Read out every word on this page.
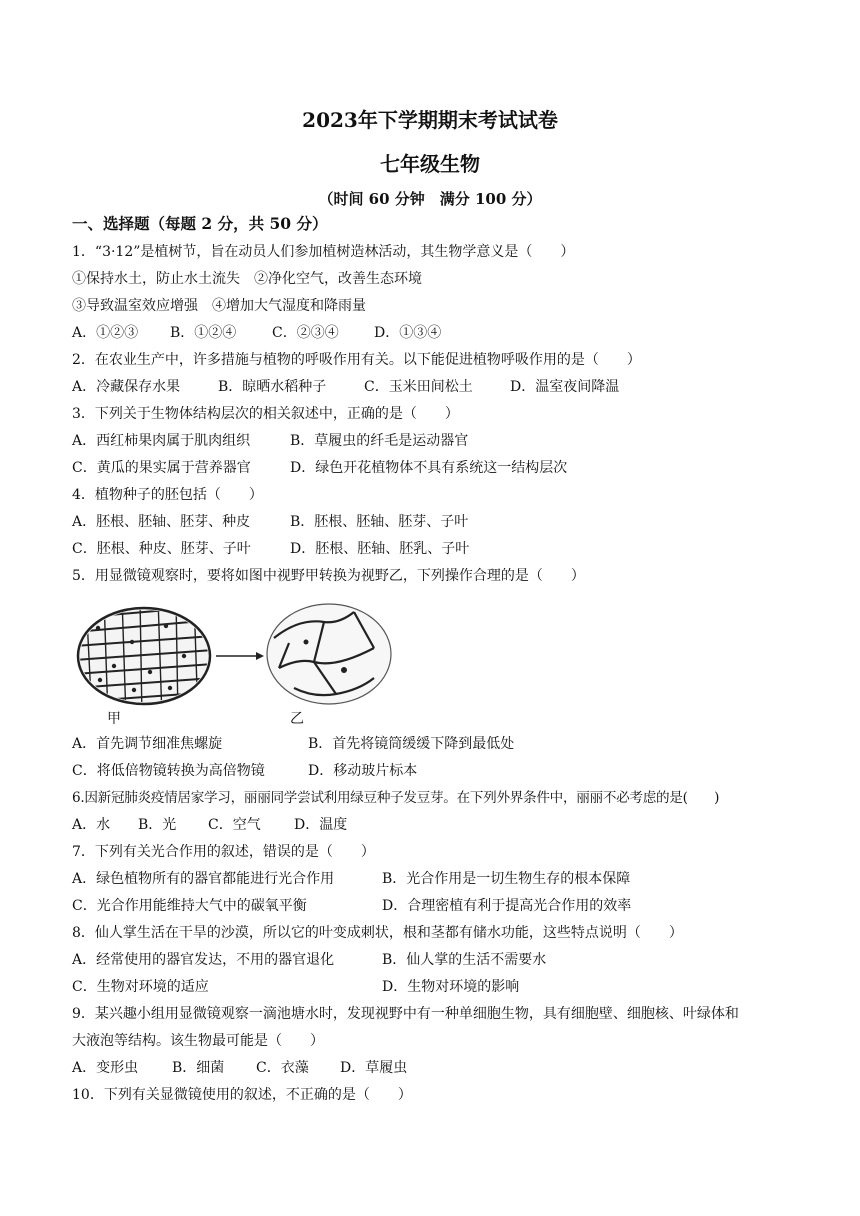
2023年下学期期末考试试卷
七年级生物
（时间 60 分钟　满分 100 分）
一、选择题（每题 2 分，共 50 分）
1．“3·12”是植树节，旨在动员人们参加植树造林活动，其生物学意义是（　　）
①保持水土，防止水土流失　②净化空气，改善生态环境
③导致温室效应增强　④增加大气湿度和降雨量
A．①②③ B．①②④	C．②③④	D．①③④
2．在农业生产中，许多措施与植物的呼吸作用有关。以下能促进植物呼吸作用的是（　　）
A．冷藏保存水果	B．晾晒水稻种子	C．玉米田间松土	D．温室夜间降温
3．下列关于生物体结构层次的相关叙述中，正确的是（　　）
A．西红柿果肉属于肌肉组织	B．草履虫的纤毛是运动器官
C．黄瓜的果实属于营养器官	D．绿色开花植物体不具有系统这一结构层次
4．植物种子的胚包括（　　）
A．胚根、胚轴、胚芽、种皮	B．胚根、胚轴、胚芽、子叶
C．胚根、种皮、胚芽、子叶	D．胚根、胚轴、胚乳、子叶
5．用显微镜观察时，要将如图中视野甲转换为视野乙，下列操作合理的是（　　）
甲	乙
A．首先调节细准焦螺旋	B．首先将镜筒缓缓下降到最低处
C．将低倍物镜转换为高倍物镜	D．移动玻片标本
6.因新冠肺炎疫情居家学习，丽丽同学尝试利用绿豆种子发豆芽。在下列外界条件中，丽丽不必考虑的是(　　)
A．水 B．光 C．空气 D．温度
7．下列有关光合作用的叙述，错误的是（　　）
A．绿色植物所有的器官都能进行光合作用	B．光合作用是一切生物生存的根本保障
C．光合作用能维持大气中的碳氧平衡	D．合理密植有利于提高光合作用的效率
8．仙人掌生活在干旱的沙漠，所以它的叶变成刺状，根和茎都有储水功能，这些特点说明（　　）
A．经常使用的器官发达，不用的器官退化	B．仙人掌的生活不需要水
C．生物对环境的适应	D．生物对环境的影响
9．某兴趣小组用显微镜观察一滴池塘水时，发现视野中有一种单细胞生物，具有细胞壁、细胞核、叶绿体和
大液泡等结构。该生物最可能是（　　）
A．变形虫 B．细菌 C．衣藻 D．草履虫
10．下列有关显微镜使用的叙述，不正确的是（　　）
